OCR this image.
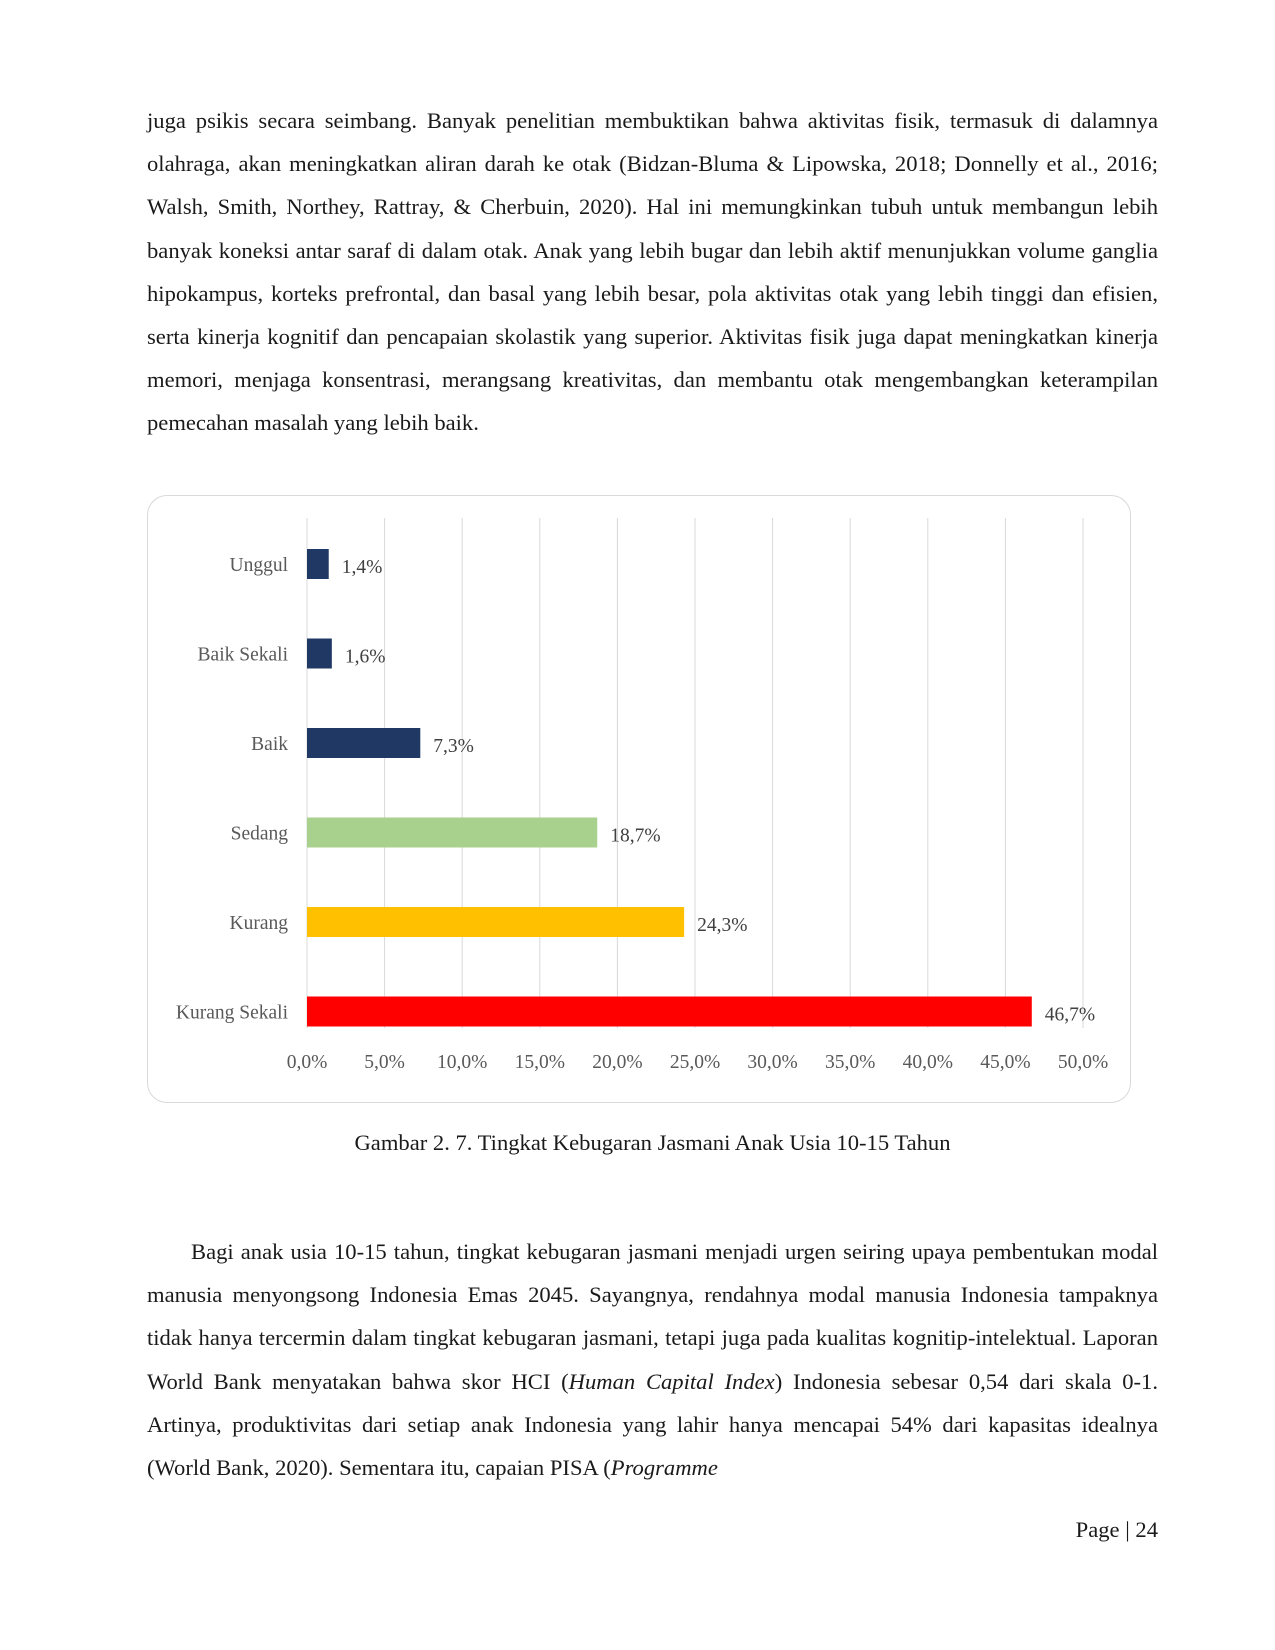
juga psikis secara seimbang. Banyak penelitian membuktikan bahwa aktivitas fisik, termasuk di dalamnya olahraga, akan meningkatkan aliran darah ke otak (Bidzan-Bluma & Lipowska, 2018; Donnelly et al., 2016; Walsh, Smith, Northey, Rattray, & Cherbuin, 2020). Hal ini memungkinkan tubuh untuk membangun lebih banyak koneksi antar saraf di dalam otak. Anak yang lebih bugar dan lebih aktif menunjukkan volume ganglia hipokampus, korteks prefrontal, dan basal yang lebih besar, pola aktivitas otak yang lebih tinggi dan efisien, serta kinerja kognitif dan pencapaian skolastik yang superior. Aktivitas fisik juga dapat meningkatkan kinerja memori, menjaga konsentrasi, merangsang kreativitas, dan membantu otak mengembangkan keterampilan pemecahan masalah yang lebih baik.

0,0% 5,0% 10,0% 15,0% 20,0% 25,0% 30,0% 35,0% 40,0% 45,0% 50,0%
Unggul	1,4%
Baik Sekali	1,6%
Baik	7,3%
Sedang	18,7%
Kurang	24,3%
Kurang Sekali	46,7%

Gambar 2. 7. Tingkat Kebugaran Jasmani Anak Usia 10-15 Tahun

Bagi anak usia 10-15 tahun, tingkat kebugaran jasmani menjadi urgen seiring upaya pembentukan modal manusia menyongsong Indonesia Emas 2045. Sayangnya, rendahnya modal manusia Indonesia tampaknya tidak hanya tercermin dalam tingkat kebugaran jasmani, tetapi juga pada kualitas kognitip-intelektual. Laporan World Bank menyatakan bahwa skor HCI (Human Capital Index) Indonesia sebesar 0,54 dari skala 0-1. Artinya, produktivitas dari setiap anak Indonesia yang lahir hanya mencapai 54% dari kapasitas idealnya (World Bank, 2020). Sementara itu, capaian PISA (Programme

Page | 24
